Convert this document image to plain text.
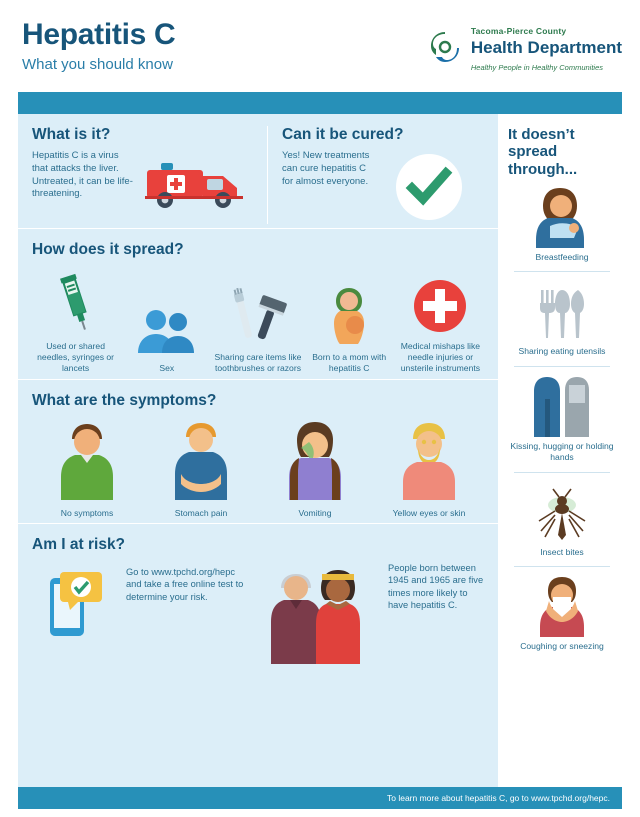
Hepatitis C
What you should know
Tacoma-Pierce County
Health Department
Healthy People in Healthy Communities
What is it?
Hepatitis C is a virus that attacks the liver. Untreated, it can be life-threatening.
Can it be cured?
Yes! New treatments can cure hepatitis C for almost everyone.
How does it spread?
Used or shared needles, syringes or lancets	Sex
Sharing care items like toothbrushes or razors
Born to a mom with hepatitis C
Medical mishaps like needle injuries or unsterile instruments
What are the symptoms?
No symptoms	Stomach pain	Vomiting	Yellow eyes or skin
Am I at risk?
Go to www.tpchd.org/hepc and take a free online test to determine your risk.
People born between 1945 and 1965 are five times more likely to have hepatitis C.
It doesn’t spread through...
Breastfeeding
Sharing eating utensils
Kissing, hugging or holding hands
Insect bites
Coughing or sneezing
To learn more about hepatitis C, go to www.tpchd.org/hepc.
